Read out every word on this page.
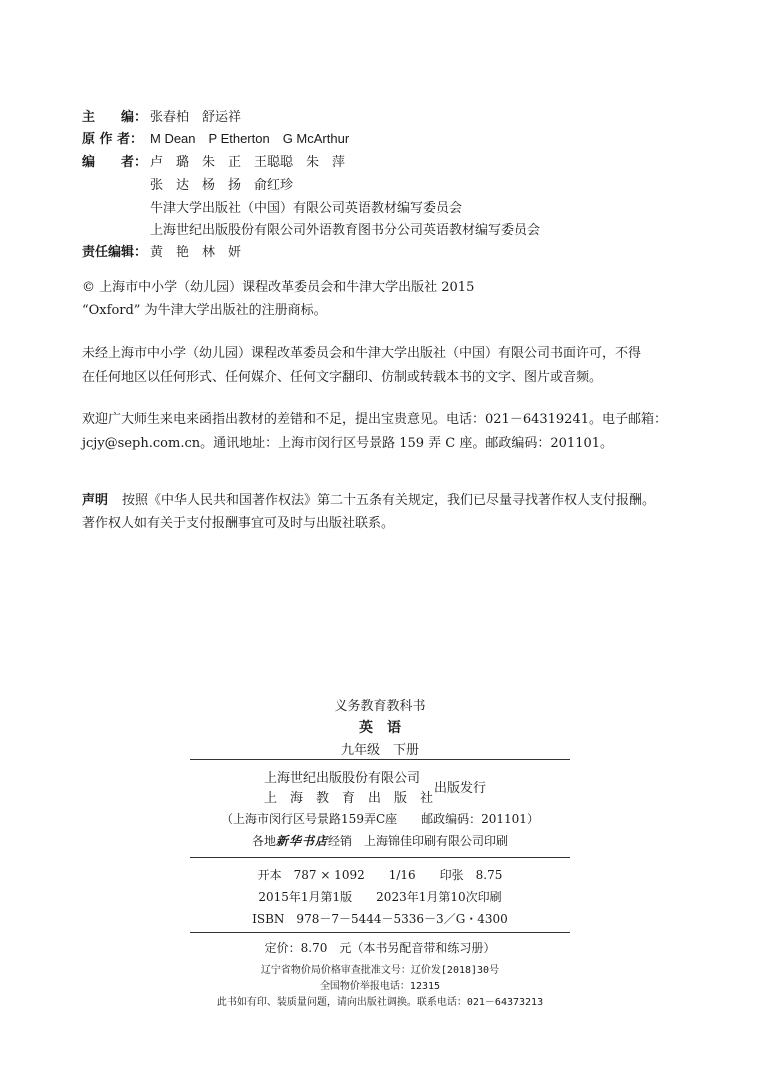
主　　编： 张春柏　舒运祥
原 作 者： M Dean　P Etherton　G McArthur
编　　者： 卢　璐　朱　正　王聪聪　朱　萍
张　达　杨　扬　俞红珍
牛津大学出版社（中国）有限公司英语教材编写委员会
上海世纪出版股份有限公司外语教育图书分公司英语教材编写委员会
责任编辑： 黄　艳　林　妍
© 上海市中小学（幼儿园）课程改革委员会和牛津大学出版社 2015
“Oxford” 为牛津大学出版社的注册商标。
未经上海市中小学（幼儿园）课程改革委员会和牛津大学出版社（中国）有限公司书面许可，不得
在任何地区以任何形式、任何媒介、任何文字翻印、仿制或转载本书的文字、图片或音频。
欢迎广大师生来电来函指出教材的差错和不足，提出宝贵意见。电话：021－64319241。电子邮箱：
jcjy@seph.com.cn。通讯地址：上海市闵行区号景路 159 弄 C 座。邮政编码：201101。
声明 按照《中华人民共和国著作权法》第二十五条有关规定，我们已尽量寻找著作权人支付报酬。
著作权人如有关于支付报酬事宜可及时与出版社联系。
义务教育教科书
英　语
九年级　下册
上海世纪出版股份有限公司
上　海　教　育　出　版　社
出版发行
（上海市闵行区号景路159弄C座　　邮政编码：201101）
各地新华书店经销　上海锦佳印刷有限公司印刷
开本　787 × 1092　　1/16　　印张　8.75
2015年1月第1版　　2023年1月第10次印刷
ISBN　978－7－5444－5336－3／G・4300
定价：8.70　元（本书另配音带和练习册）
辽宁省物价局价格审查批准文号：辽价发[2018]30号
全国物价举报电话：12315
此书如有印、装质量问题，请向出版社调换。联系电话：021－64373213
